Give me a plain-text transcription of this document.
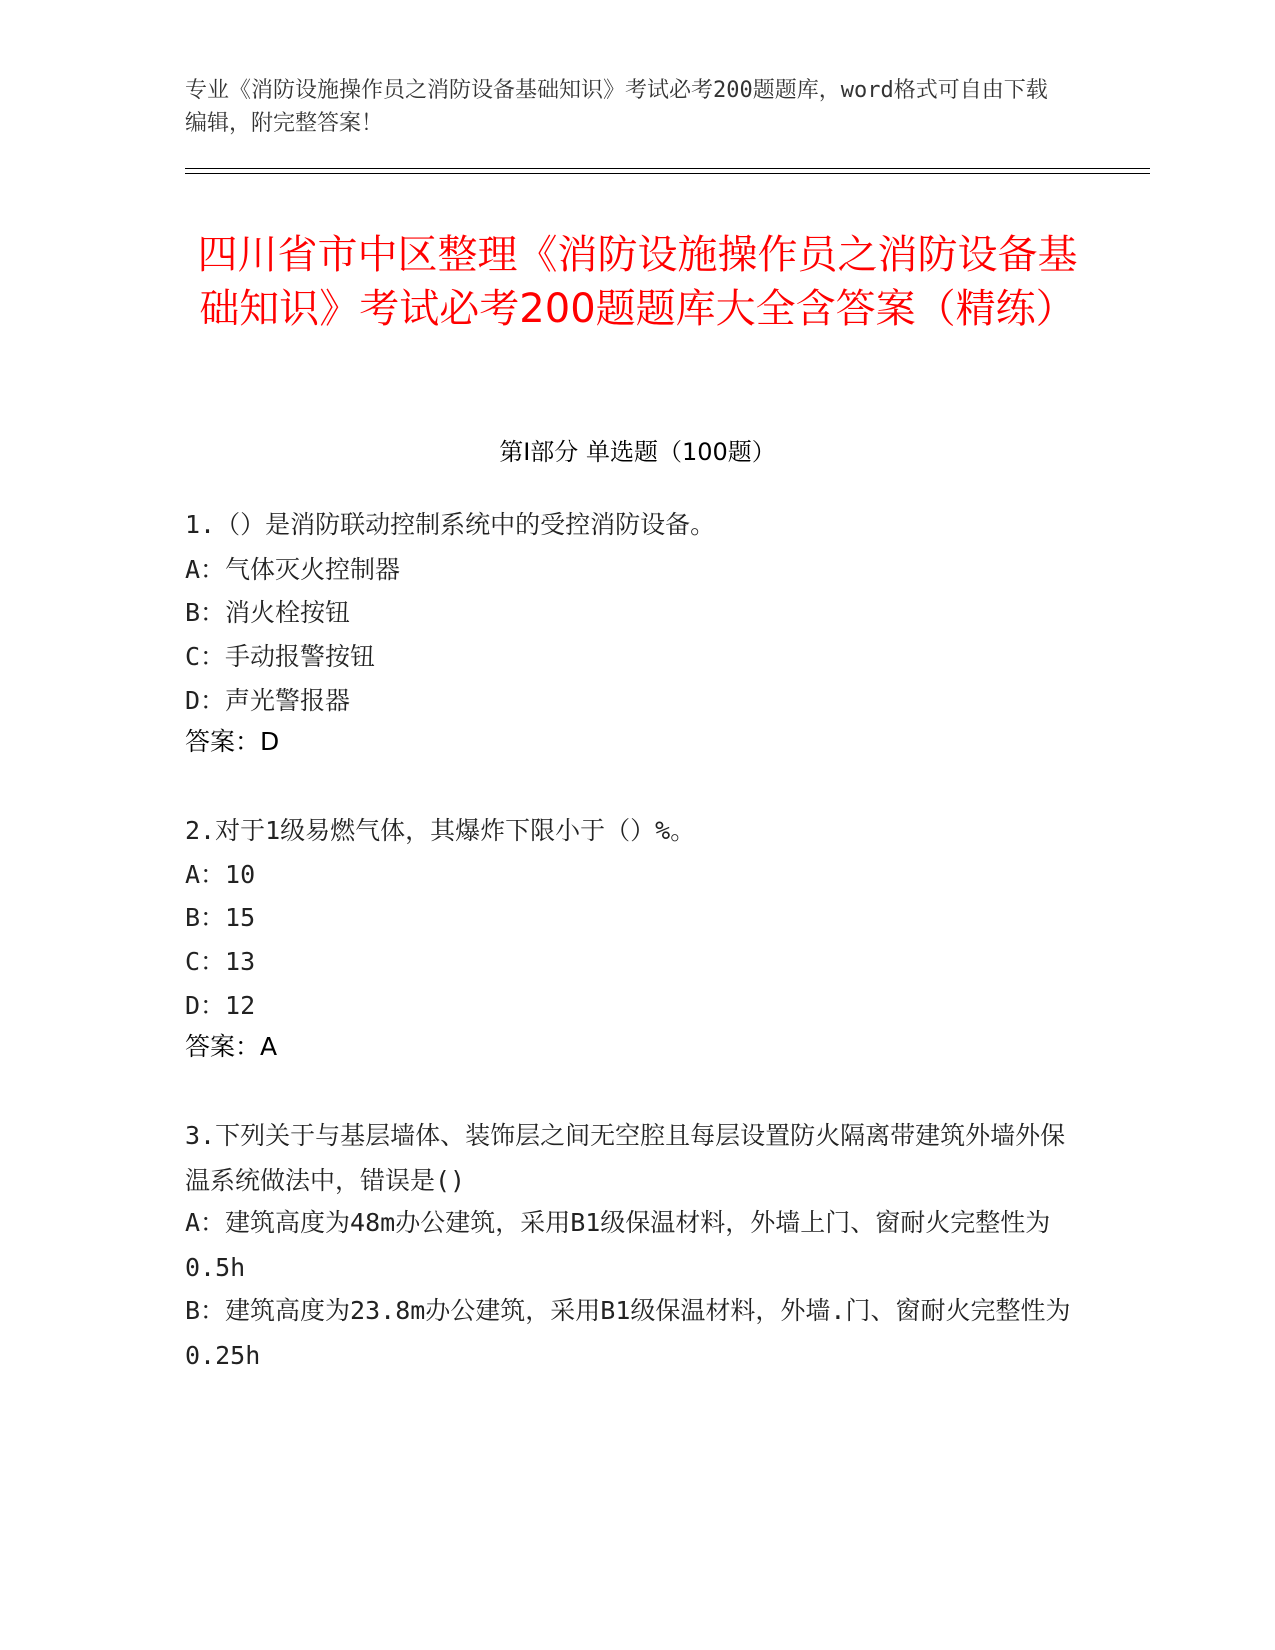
专业《消防设施操作员之消防设备基础知识》考试必考200题题库，word格式可自由下载编辑，附完整答案！

四川省市中区整理《消防设施操作员之消防设备基础知识》考试必考200题题库大全含答案（精练）
第Ⅰ部分 单选题（100题）

1.（）是消防联动控制系统中的受控消防设备。

A：气体灭火控制器

B：消火栓按钮

C：手动报警按钮

D：声光警报器

答案：D

2.对于1级易燃气体，其爆炸下限小于（）%。

A：10

B：15

C：13

D：12

答案：A

3.下列关于与基层墙体、装饰层之间无空腔且每层设置防火隔离带建筑外墙外保温系统做法中，错误是()

A：建筑高度为48m办公建筑，采用B1级保温材料，外墙上门、窗耐火完整性为0.5h

B：建筑高度为23.8m办公建筑，采用B1级保温材料，外墙.门、窗耐火完整性为0.25h
